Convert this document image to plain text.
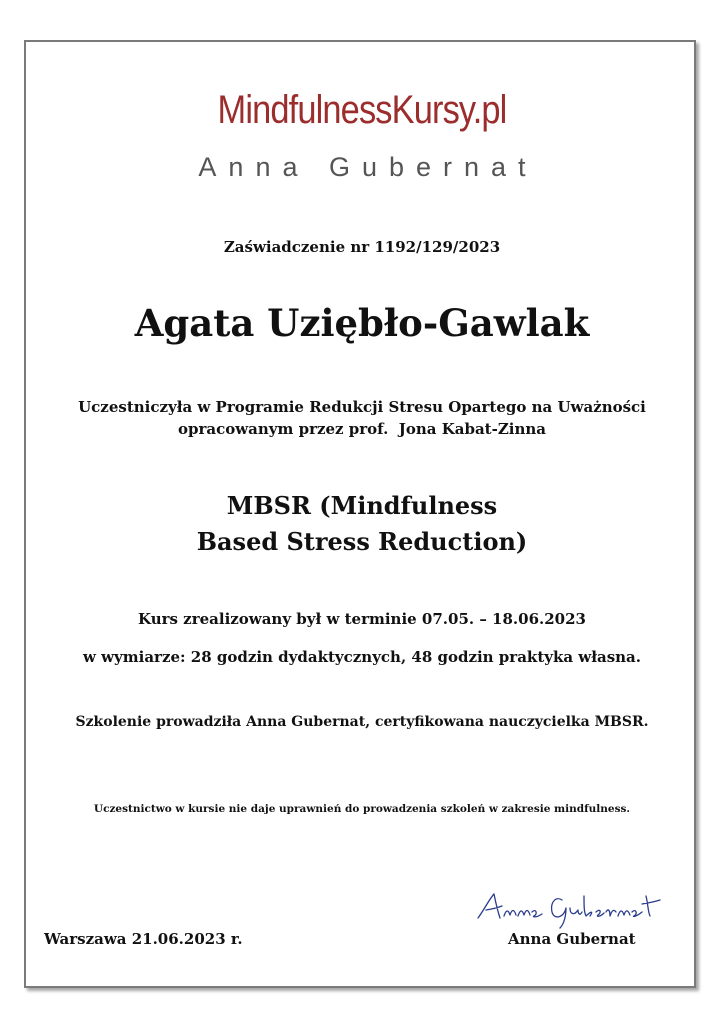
MindfulnessKursy.pl
Anna Gubernat
Zaświadczenie nr 1192/129/2023
Agata Uziębło-Gawlak
Uczestniczyła w Programie Redukcji Stresu Opartego na Uważności
opracowanym przez prof.  Jona Kabat-Zinna
MBSR (Mindfulness
Based Stress Reduction)
Kurs zrealizowany był w terminie 07.05. – 18.06.2023
w wymiarze: 28 godzin dydaktycznych, 48 godzin praktyka własna.
Szkolenie prowadziła Anna Gubernat, certyfikowana nauczycielka MBSR.
Uczestnictwo w kursie nie daje uprawnień do prowadzenia szkoleń w zakresie mindfulness.
Warszawa 21.06.2023 r.	Anna Gubernat
